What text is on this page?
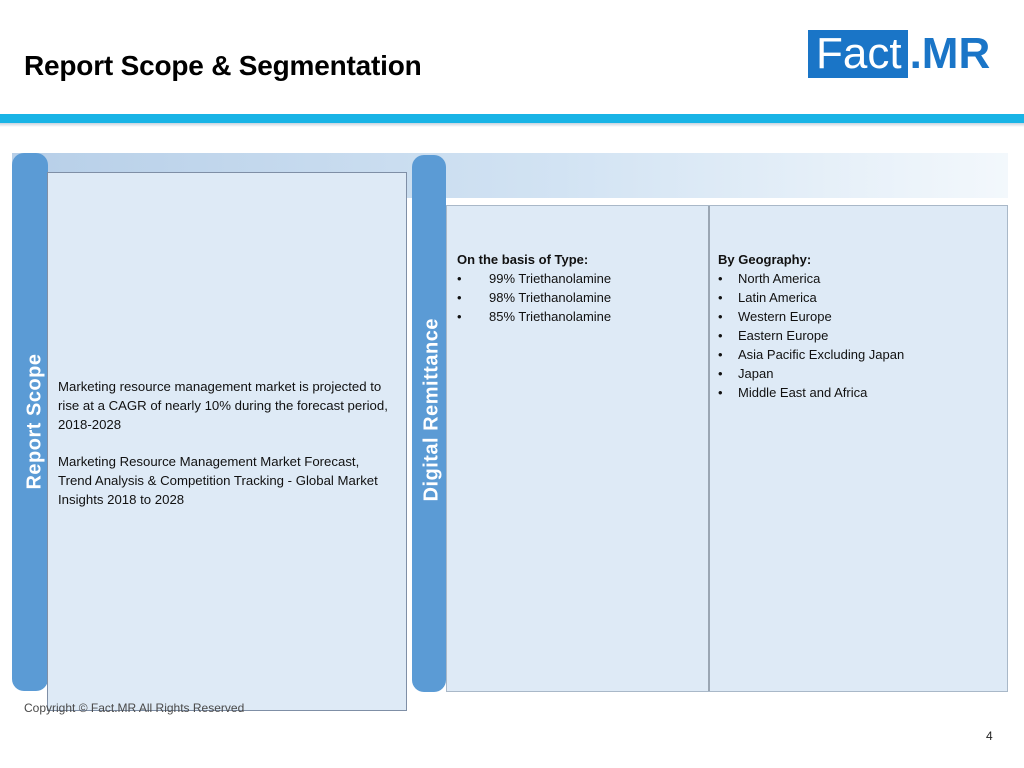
Report Scope & Segmentation	Fact .MR
Report Scope Marketing resource management market is projected to rise at a CAGR of nearly 10% during the forecast period, 2018-2028

Marketing Resource Management Market Forecast, Trend Analysis & Competition Tracking - Global Market Insights 2018 to 2028	Digital Remittance
On the basis of Type:
• 99% Triethanolamine
• 98% Triethanolamine
• 85% Triethanolamine
By Geography:
• North America
• Latin America
• Western Europe
• Eastern Europe
• Asia Pacific Excluding Japan
• Japan
• Middle East and Africa
Copyright © Fact.MR All Rights Reserved
4
